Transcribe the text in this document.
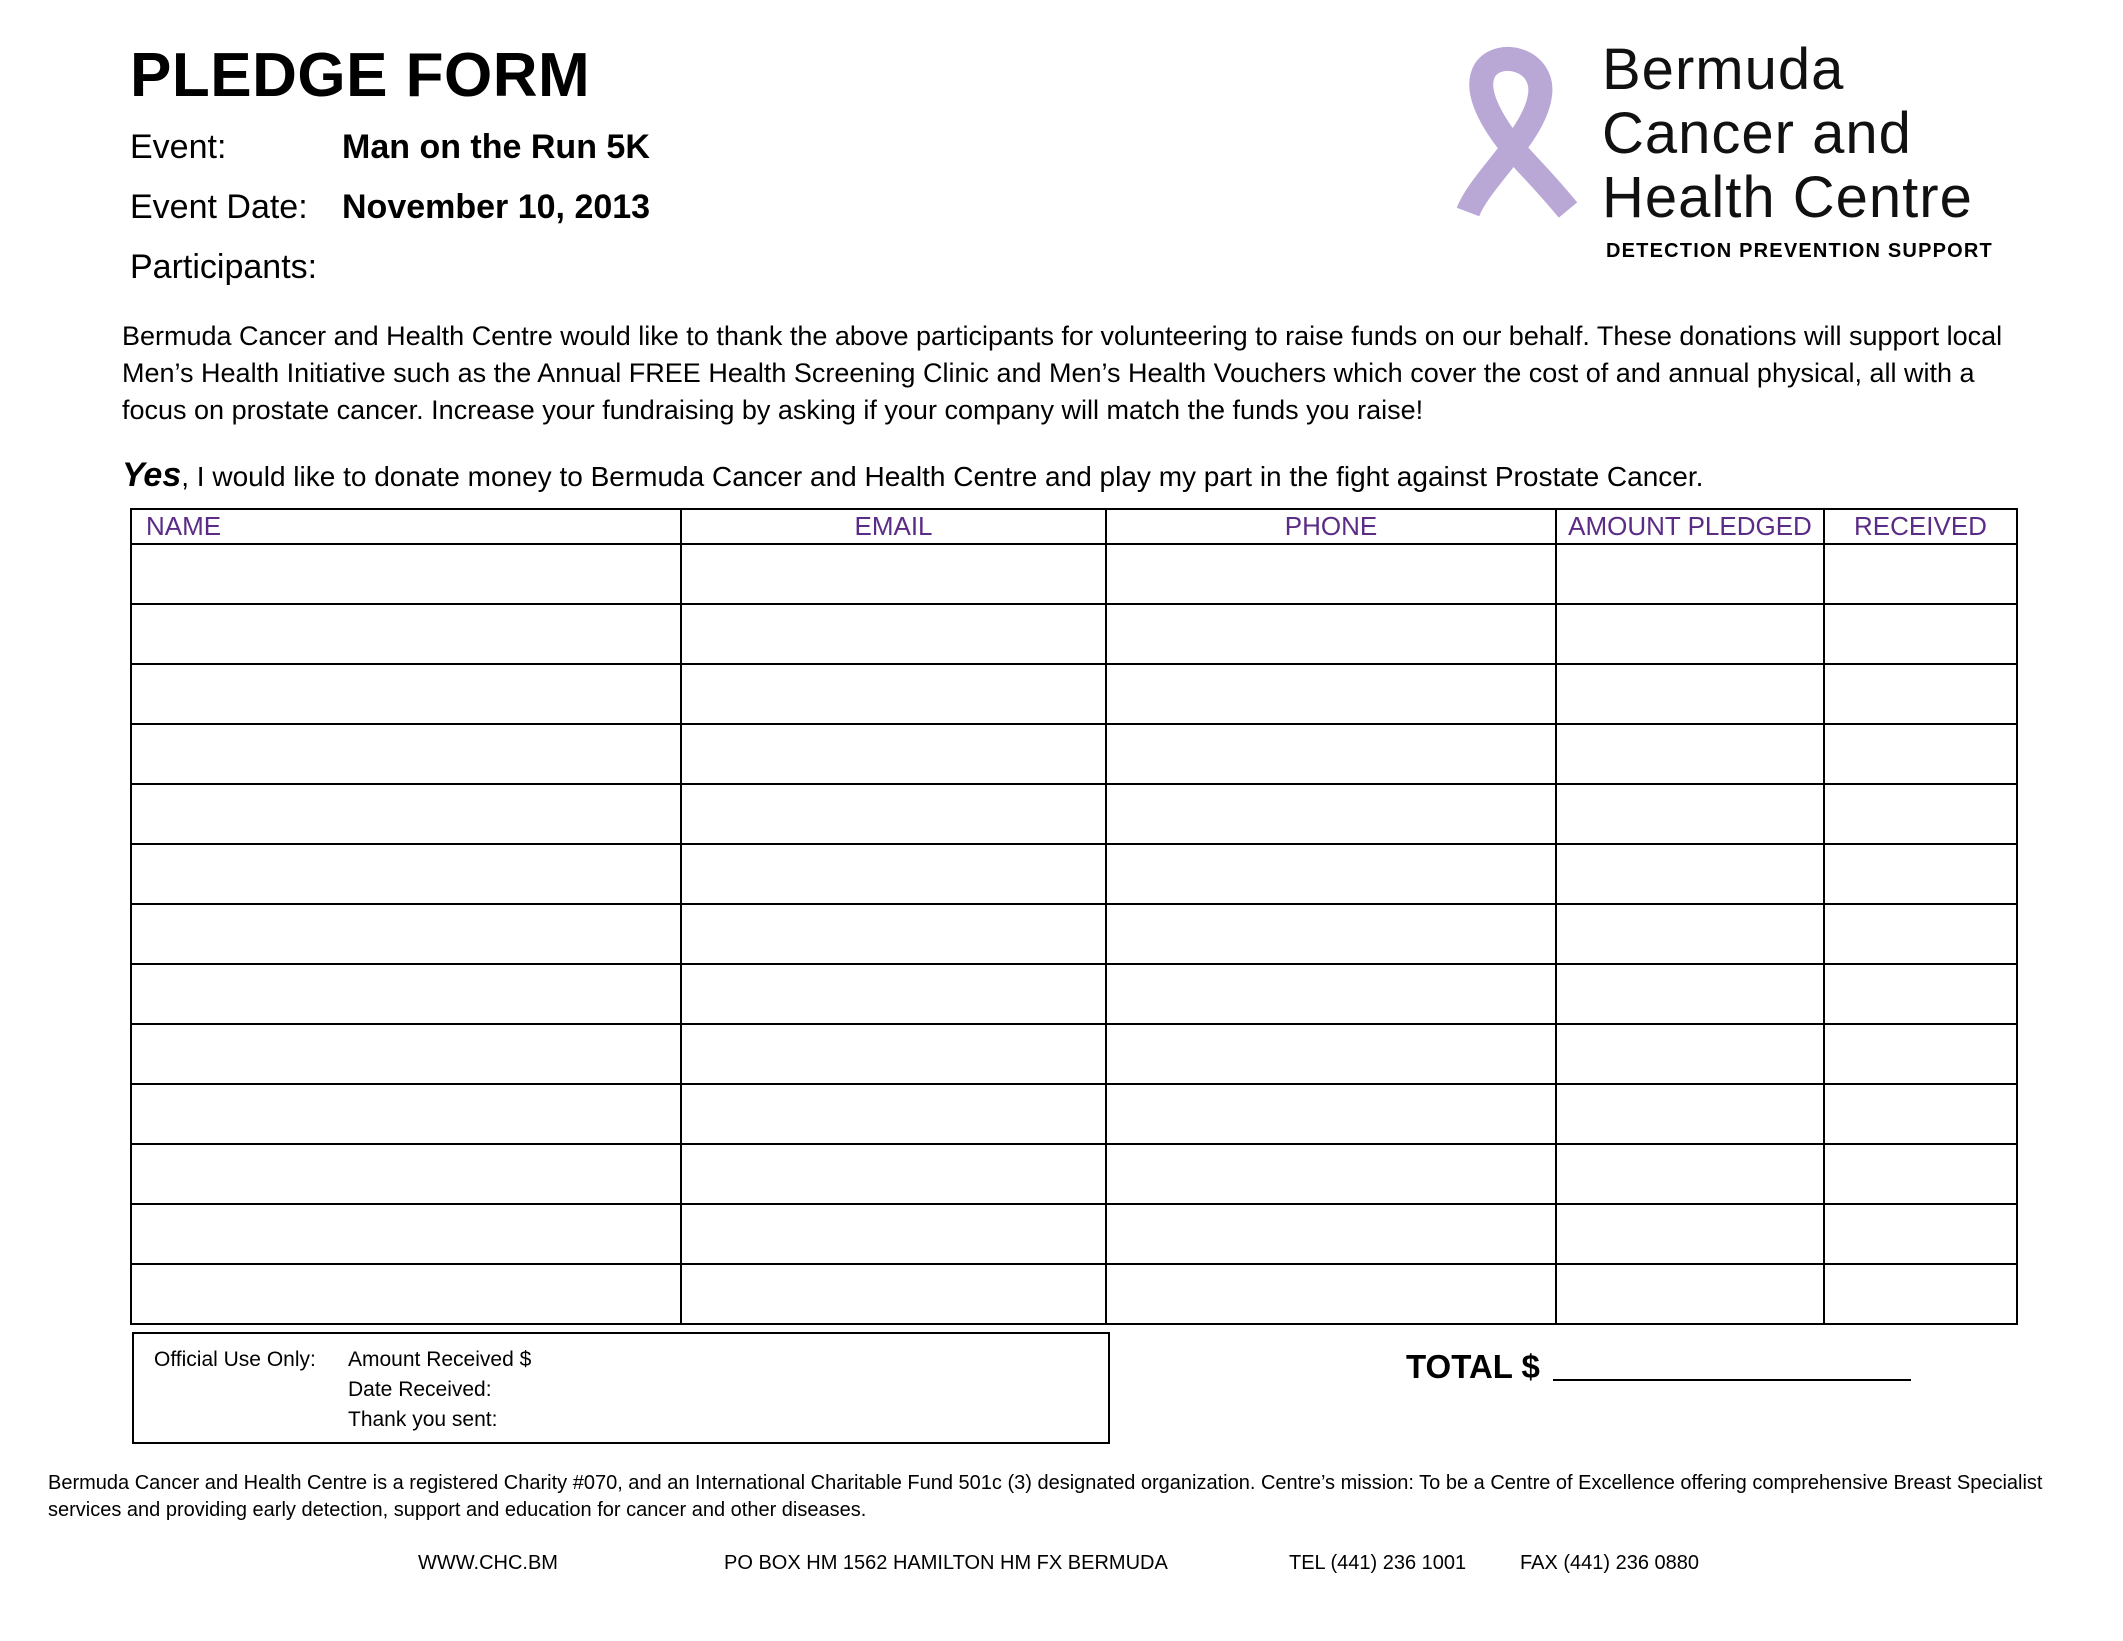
PLEDGE FORM
Event:	Man on the Run 5K
Event Date: November 10, 2013
Participants:
Bermuda
Cancer and
Health Centre
DETECTION PREVENTION SUPPORT
Bermuda Cancer and Health Centre would like to thank the above participants for volunteering to raise funds on our behalf. These donations will support local Men’s Health Initiative such as the Annual FREE Health Screening Clinic and Men’s Health Vouchers which cover the cost of and annual physical, all with a focus on prostate cancer. Increase your fundraising by asking if your company will match the funds you raise!
Yes, I would like to donate money to Bermuda Cancer and Health Centre and play my part in the fight against Prostate Cancer.
NAME	EMAIL	PHONE	AMOUNT PLEDGED	RECEIVED

Official Use Only: Amount Received $
Date Received:
Thank you sent:
TOTAL $
Bermuda Cancer and Health Centre is a registered Charity #070, and an International Charitable Fund 501c (3) designated organization. Centre’s mission: To be a Centre of Excellence offering comprehensive Breast Specialist services and providing early detection, support and education for cancer and other diseases.
WWW.CHC.BM	PO BOX HM 1562 HAMILTON HM FX BERMUDA	TEL (441) 236 1001	FAX (441) 236 0880
